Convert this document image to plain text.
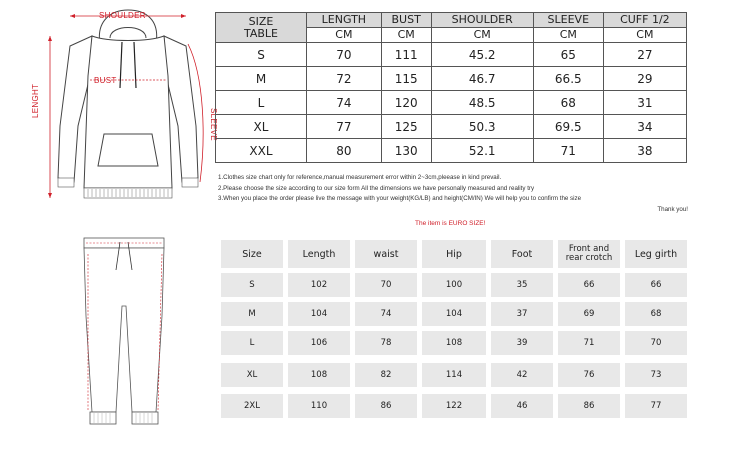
SHOULDER
BUST
LENGHT
SLEEVE
SIZE
TABLE	LENGTH	BUST	SHOULDER	SLEEVE	CUFF 1/2
	CM	CM	CM	CM	CM
S	70	111	45.2	65	27
M	72	115	46.7	66.5	29
L	74	120	48.5	68	31
XL	77	125	50.3	69.5	34
XXL	80	130	52.1	71	38
1.Clothes size chart only for reference,manual measurement error within 2~3cm,pleease in kind prevail.
2.Please choose the size according to our size form All the dimensions we have personally measured and reality try
3.When you place the order please live the message with your weight(KG/LB) and height(CM/IN) We will help you to confirm the size
Thank you!
The item is EURO SIZE!
Size	Length	waist	Hip	Foot	Front and
rear crotch	Leg girth
S	102	70	100	35	66	66
M	104	74	104	37	69	68
L	106	78	108	39	71	70
XL	108	82	114	42	76	73
2XL	110	86	122	46	86	77
